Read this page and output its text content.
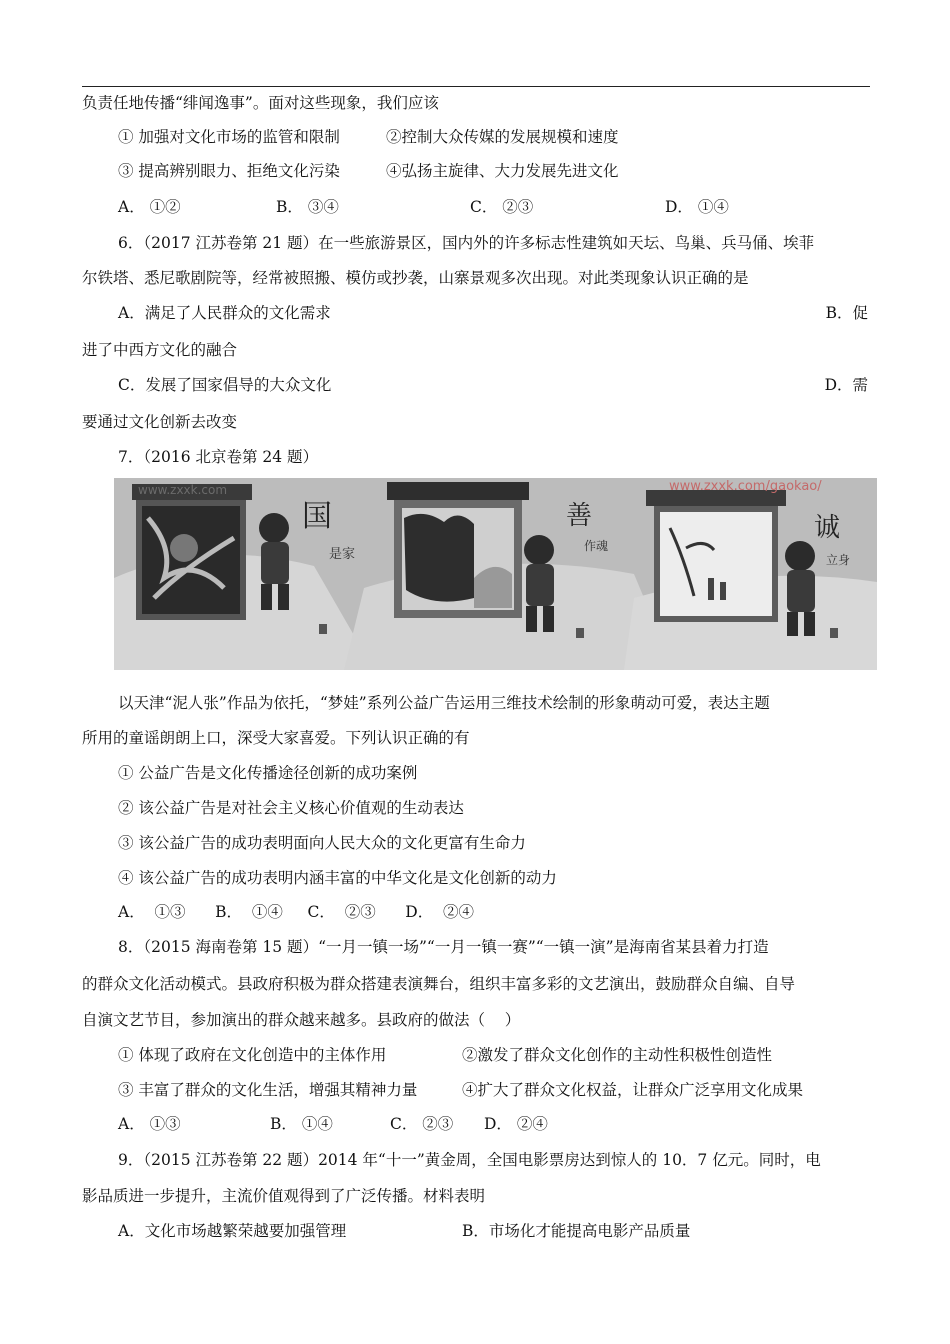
负责任地传播“绯闻逸事”。面对这些现象，我们应该
① 加强对文化市场的监管和限制	②控制大众传媒的发展规模和速度
③ 提高辨别眼力、拒绝文化污染	④弘扬主旋律、大力发展先进文化
A． ①②	B． ③④	C． ②③	D． ①④
6．（2017 江苏卷第 21 题）在一些旅游景区，国内外的许多标志性建筑如天坛、鸟巢、兵马俑、埃菲
尔铁塔、悉尼歌剧院等，经常被照搬、模仿或抄袭，山寨景观多次出现。对此类现象认识正确的是
A．满足了人民群众的文化需求	B．促
进了中西方文化的融合
C．发展了国家倡导的大众文化	D．需
要通过文化创新去改变
7．（2016 北京卷第 24 题）
国
是家
善
作魂
诚
立身
www.zxxk.com	www.zxxk.com/gaokao/
以天津“泥人张”作品为依托，“梦娃”系列公益广告运用三维技术绘制的形象萌动可爱，表达主题
所用的童谣朗朗上口，深受大家喜爱。下列认识正确的有
① 公益广告是文化传播途径创新的成功案例
② 该公益广告是对社会主义核心价值观的生动表达
③ 该公益广告的成功表明面向人民大众的文化更富有生命力
④ 该公益广告的成功表明内涵丰富的中华文化是文化创新的动力
A．  ①③      B．  ①④     C．  ②③      D．  ②④
8．（2015 海南卷第 15 题）“一月一镇一场”“一月一镇一赛”“一镇一演”是海南省某县着力打造
的群众文化活动模式。县政府积极为群众搭建表演舞台，组织丰富多彩的文艺演出，鼓励群众自编、自导
自演文艺节目，参加演出的群众越来越多。县政府的做法（    ）
① 体现了政府在文化创造中的主体作用	②激发了群众文化创作的主动性积极性创造性
③ 丰富了群众的文化生活，增强其精神力量	④扩大了群众文化权益，让群众广泛享用文化成果
A． ①③	B． ①④	C． ②③ D． ②④
9．（2015 江苏卷第 22 题）2014 年“十一”黄金周，全国电影票房达到惊人的 10．7 亿元。同时，电
影品质进一步提升，主流价值观得到了广泛传播。材料表明
A．文化市场越繁荣越要加强管理	B．市场化才能提高电影产品质量
